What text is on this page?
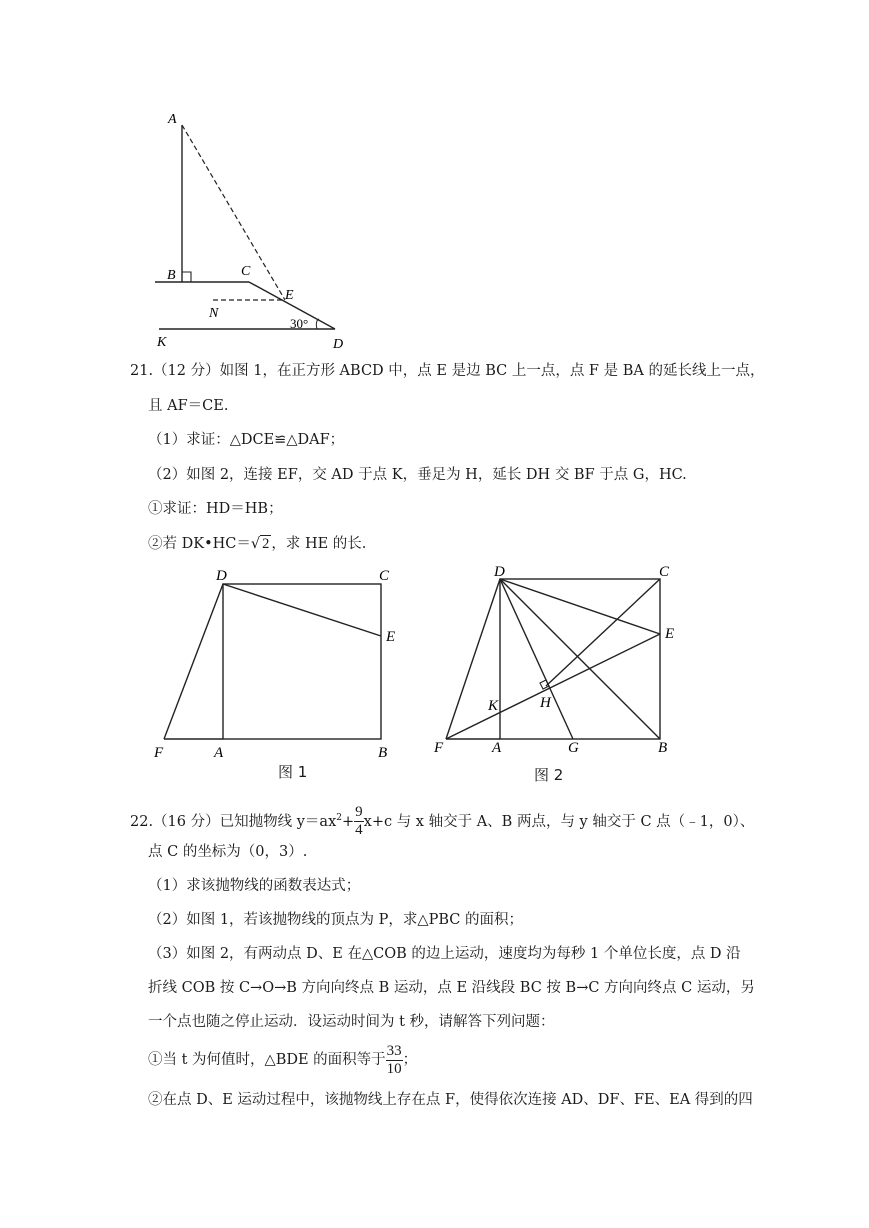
A
B	C
E
N
K	D
30°
21.（12 分）如图 1，在正方形 ABCD 中，点 E 是边 BC 上一点，点 F 是 BA 的延长线上一点，
且 AF＝CE.
（1）求证：△DCE≌△DAF；
（2）如图 2，连接 EF，交 AD 于点 K，垂足为 H，延长 DH 交 BF 于点 G，HC.
①求证：HD＝HB；
②若 DK•HC＝√ 2 ，求 HE 的长.
D	C
E
F	A	B
图 1
D	C
E
K	H
F	A	G	B
图 2
22.（16 分）已知抛物线 $y=ax^2+ \frac{9}{4} x+c$ 与 x 轴交于 A、B 两点，与 y 轴交于 C 点（﹣1，0）、
点 C 的坐标为（0，3）.
（1）求该抛物线的函数表达式；
（2）如图 1，若该抛物线的顶点为 P，求△PBC 的面积；
（3）如图 2，有两动点 D、E 在△COB 的边上运动，速度均为每秒 1 个单位长度，点 D 沿
折线 COB 按 C→O→B 方向向终点 B 运动，点 E 沿线段 BC 按 B→C 方向向终点 C 运动，另
一个点也随之停止运动．设运动时间为 t 秒，请解答下列问题：
①当 t 为何值时，△BDE 的面积等于 $\frac{33}{10}$ ；
②在点 D、E 运动过程中，该抛物线上存在点 F，使得依次连接 AD、DF、FE、EA 得到的四
